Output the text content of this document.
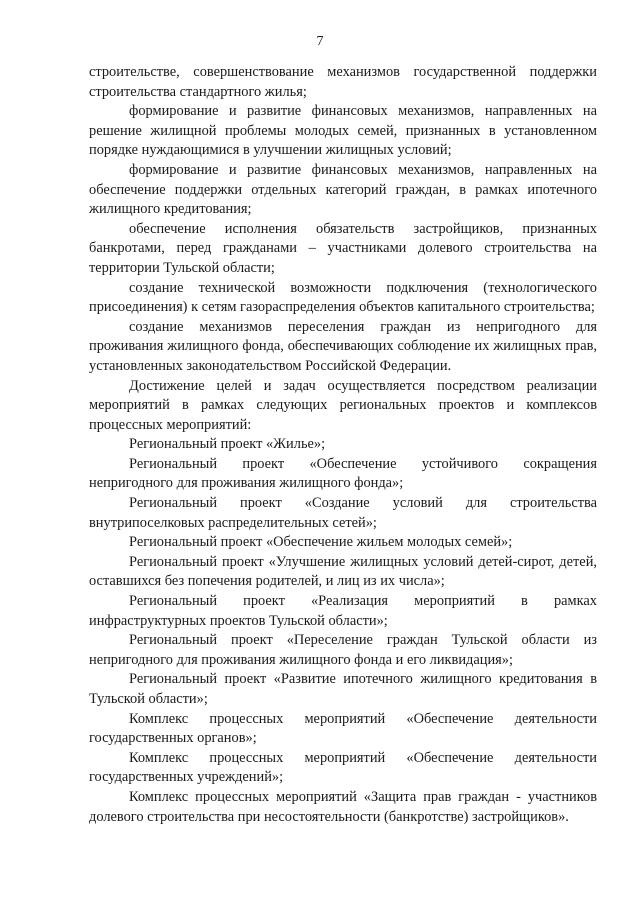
7

строительстве, совершенствование механизмов государственной поддержки строительства стандартного жилья;

формирование и развитие финансовых механизмов, направленных на решение жилищной проблемы молодых семей, признанных в установленном порядке нуждающимися в улучшении жилищных условий;

формирование и развитие финансовых механизмов, направленных на обеспечение поддержки отдельных категорий граждан, в рамках ипотечного жилищного кредитования;

обеспечение исполнения обязательств застройщиков, признанных банкротами, перед гражданами – участниками долевого строительства на территории Тульской области;

создание технической возможности подключения (технологического присоединения) к сетям газораспределения объектов капитального строительства;

создание механизмов переселения граждан из непригодного для проживания жилищного фонда, обеспечивающих соблюдение их жилищных прав, установленных законодательством Российской Федерации.

Достижение целей и задач осуществляется посредством реализации мероприятий в рамках следующих региональных проектов и комплексов процессных мероприятий:

Региональный проект «Жилье»;

Региональный проект «Обеспечение устойчивого сокращения непригодного для проживания жилищного фонда»;

Региональный проект «Создание условий для строительства внутрипоселковых распределительных сетей»;

Региональный проект «Обеспечение жильем молодых семей»;

Региональный проект «Улучшение жилищных условий детей-сирот, детей, оставшихся без попечения родителей, и лиц из их числа»;

Региональный проект «Реализация мероприятий в рамках инфраструктурных проектов Тульской области»;

Региональный проект «Переселение граждан Тульской области из непригодного для проживания жилищного фонда и его ликвидация»;

Региональный проект «Развитие ипотечного жилищного кредитования в Тульской области»;

Комплекс процессных мероприятий «Обеспечение деятельности государственных органов»;

Комплекс процессных мероприятий «Обеспечение деятельности государственных учреждений»;

Комплекс процессных мероприятий «Защита прав граждан - участников долевого строительства при несостоятельности (банкротстве) застройщиков».
